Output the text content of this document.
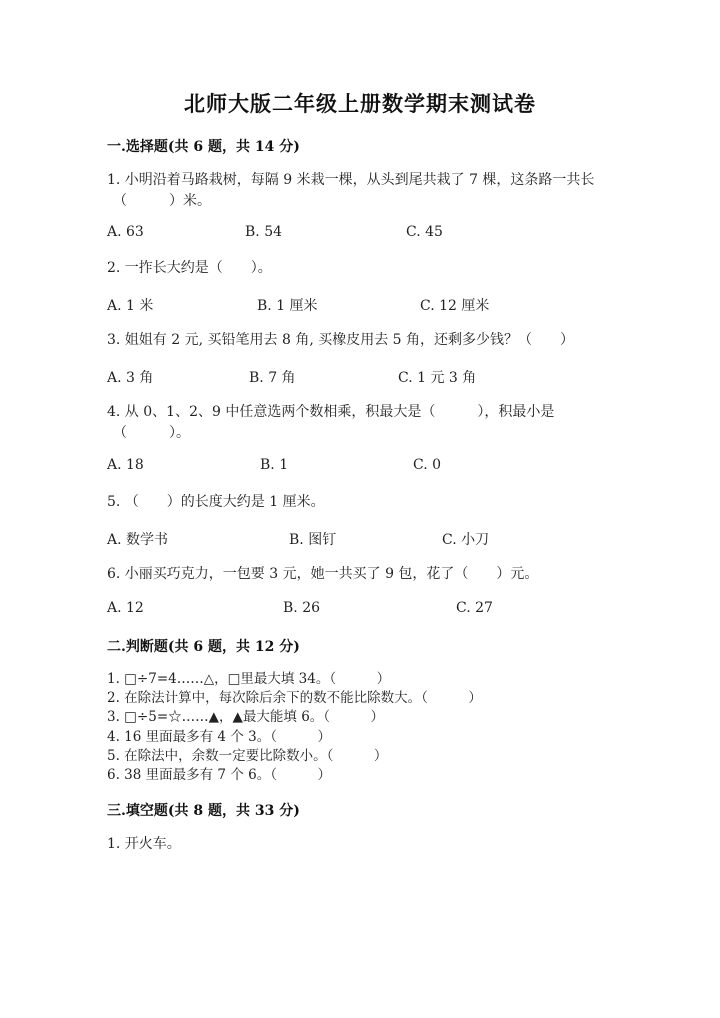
北师大版二年级上册数学期末测试卷
一.选择题(共 6 题，共 14 分)
1. 小明沿着马路栽树，每隔 9 米栽一棵，从头到尾共栽了 7 棵，这条路一共长
（　　　）米。
A. 63	B. 54	C. 45
2. 一拃长大约是（　　）。
A. 1 米	B. 1 厘米	C. 12 厘米
3. 姐姐有 2 元, 买铅笔用去 8 角, 买橡皮用去 5 角，还剩多少钱？（　　）
A. 3 角	B. 7 角	C. 1 元 3 角
4. 从 0、1、2、9 中任意选两个数相乘，积最大是（　　　），积最小是
（　　　）。
A. 18	B. 1	C. 0
5. （　　）的长度大约是 1 厘米。
A. 数学书	B. 图钉	C. 小刀
6. 小丽买巧克力，一包要 3 元，她一共买了 9 包，花了（　　）元。
A. 12	B. 26	C. 27
二.判断题(共 6 题，共 12 分)
1. □÷7=4……△，□里最大填 34。（　　　）
2. 在除法计算中，每次除后余下的数不能比除数大。（　　　）
3. □÷5=☆……▲，▲最大能填 6。（　　　）
4. 16 里面最多有 4 个 3。（　　　）
5. 在除法中，余数一定要比除数小。（　　　）
6. 38 里面最多有 7 个 6。（　　　）
三.填空题(共 8 题，共 33 分)
1. 开火车。
